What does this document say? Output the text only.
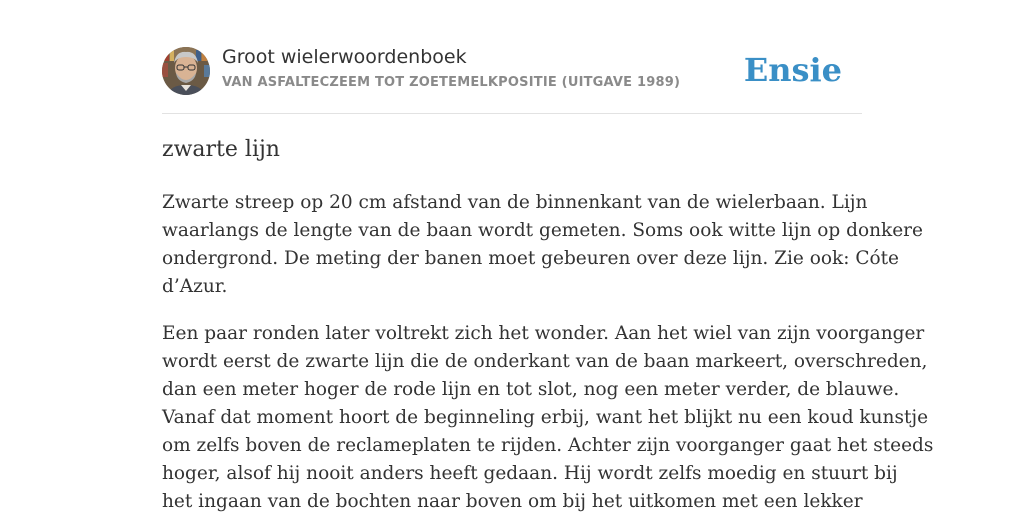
Groot wielerwoordenboek
VAN ASFALTECZEEM TOT ZOETEMELKPOSITIE (UITGAVE 1989) Ensie
zwarte lijn

Zwarte streep op 20 cm afstand van de binnenkant van de wielerbaan. Lijn
waarlangs de lengte van de baan wordt gemeten. Soms ook witte lijn op donkere
ondergrond. De meting der banen moet gebeuren over deze lijn. Zie ook: Cóte
d’Azur.

Een paar ronden later voltrekt zich het wonder. Aan het wiel van zijn voorganger
wordt eerst de zwarte lijn die de onderkant van de baan markeert, overschreden,
dan een meter hoger de rode lijn en tot slot, nog een meter verder, de blauwe.
Vanaf dat moment hoort de beginneling erbij, want het blijkt nu een koud kunstje
om zelfs boven de reclameplaten te rijden. Achter zijn voorganger gaat het steeds
hoger, alsof hij nooit anders heeft gedaan. Hij wordt zelfs moedig en stuurt bij
het ingaan van de bochten naar boven om bij het uitkomen met een lekker
